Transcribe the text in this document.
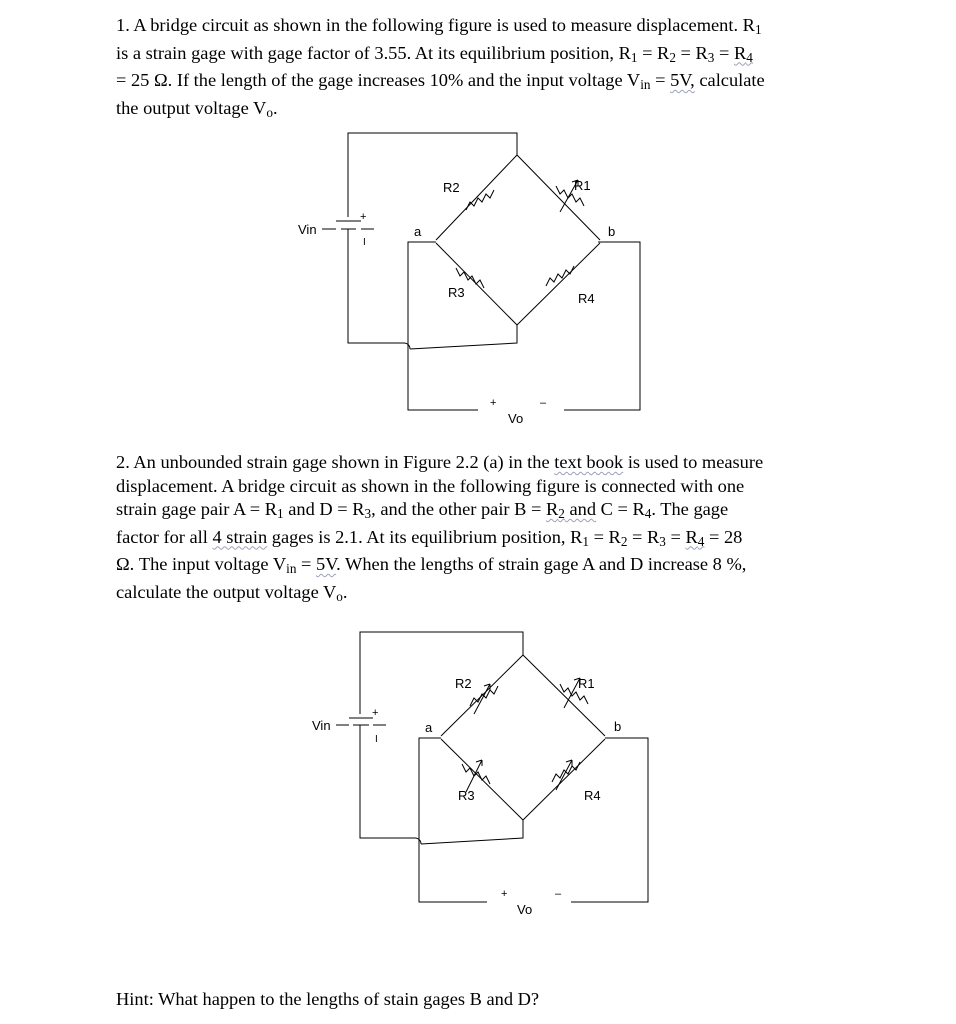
1. A bridge circuit as shown in the following figure is used to measure displacement. $R_1$
is a strain gage with gage factor of 3.55. At its equilibrium position, $R_1 = R_2 = R_3 = R_4$
= 25 Ω. If the length of the gage increases 10% and the input voltage $V_{in} = 5V$, calculate
the output voltage $V_o$.
Vin
+
I
a	b
R2	R1
R3	R4
+	–
Vo
2. An unbounded strain gage shown in Figure 2.2 (a) in the text book is used to measure
displacement. A bridge circuit as shown in the following figure is connected with one
strain gage pair $A = R_1$ and $D = R_3$, and the other pair $B = R_2$ and $C = R_4$. The gage
factor for all 4 strain gages is 2.1. At its equilibrium position, $R_1 = R_2 = R_3 = R_4 = 28$
Ω. The input voltage $V_{in} = 5V$. When the lengths of strain gage A and D increase 8 %,
calculate the output voltage $V_o$.
Vin
+
I
a	b
R2	R1
R3	R4
+	–
Vo

Hint: What happen to the lengths of stain gages B and D?
